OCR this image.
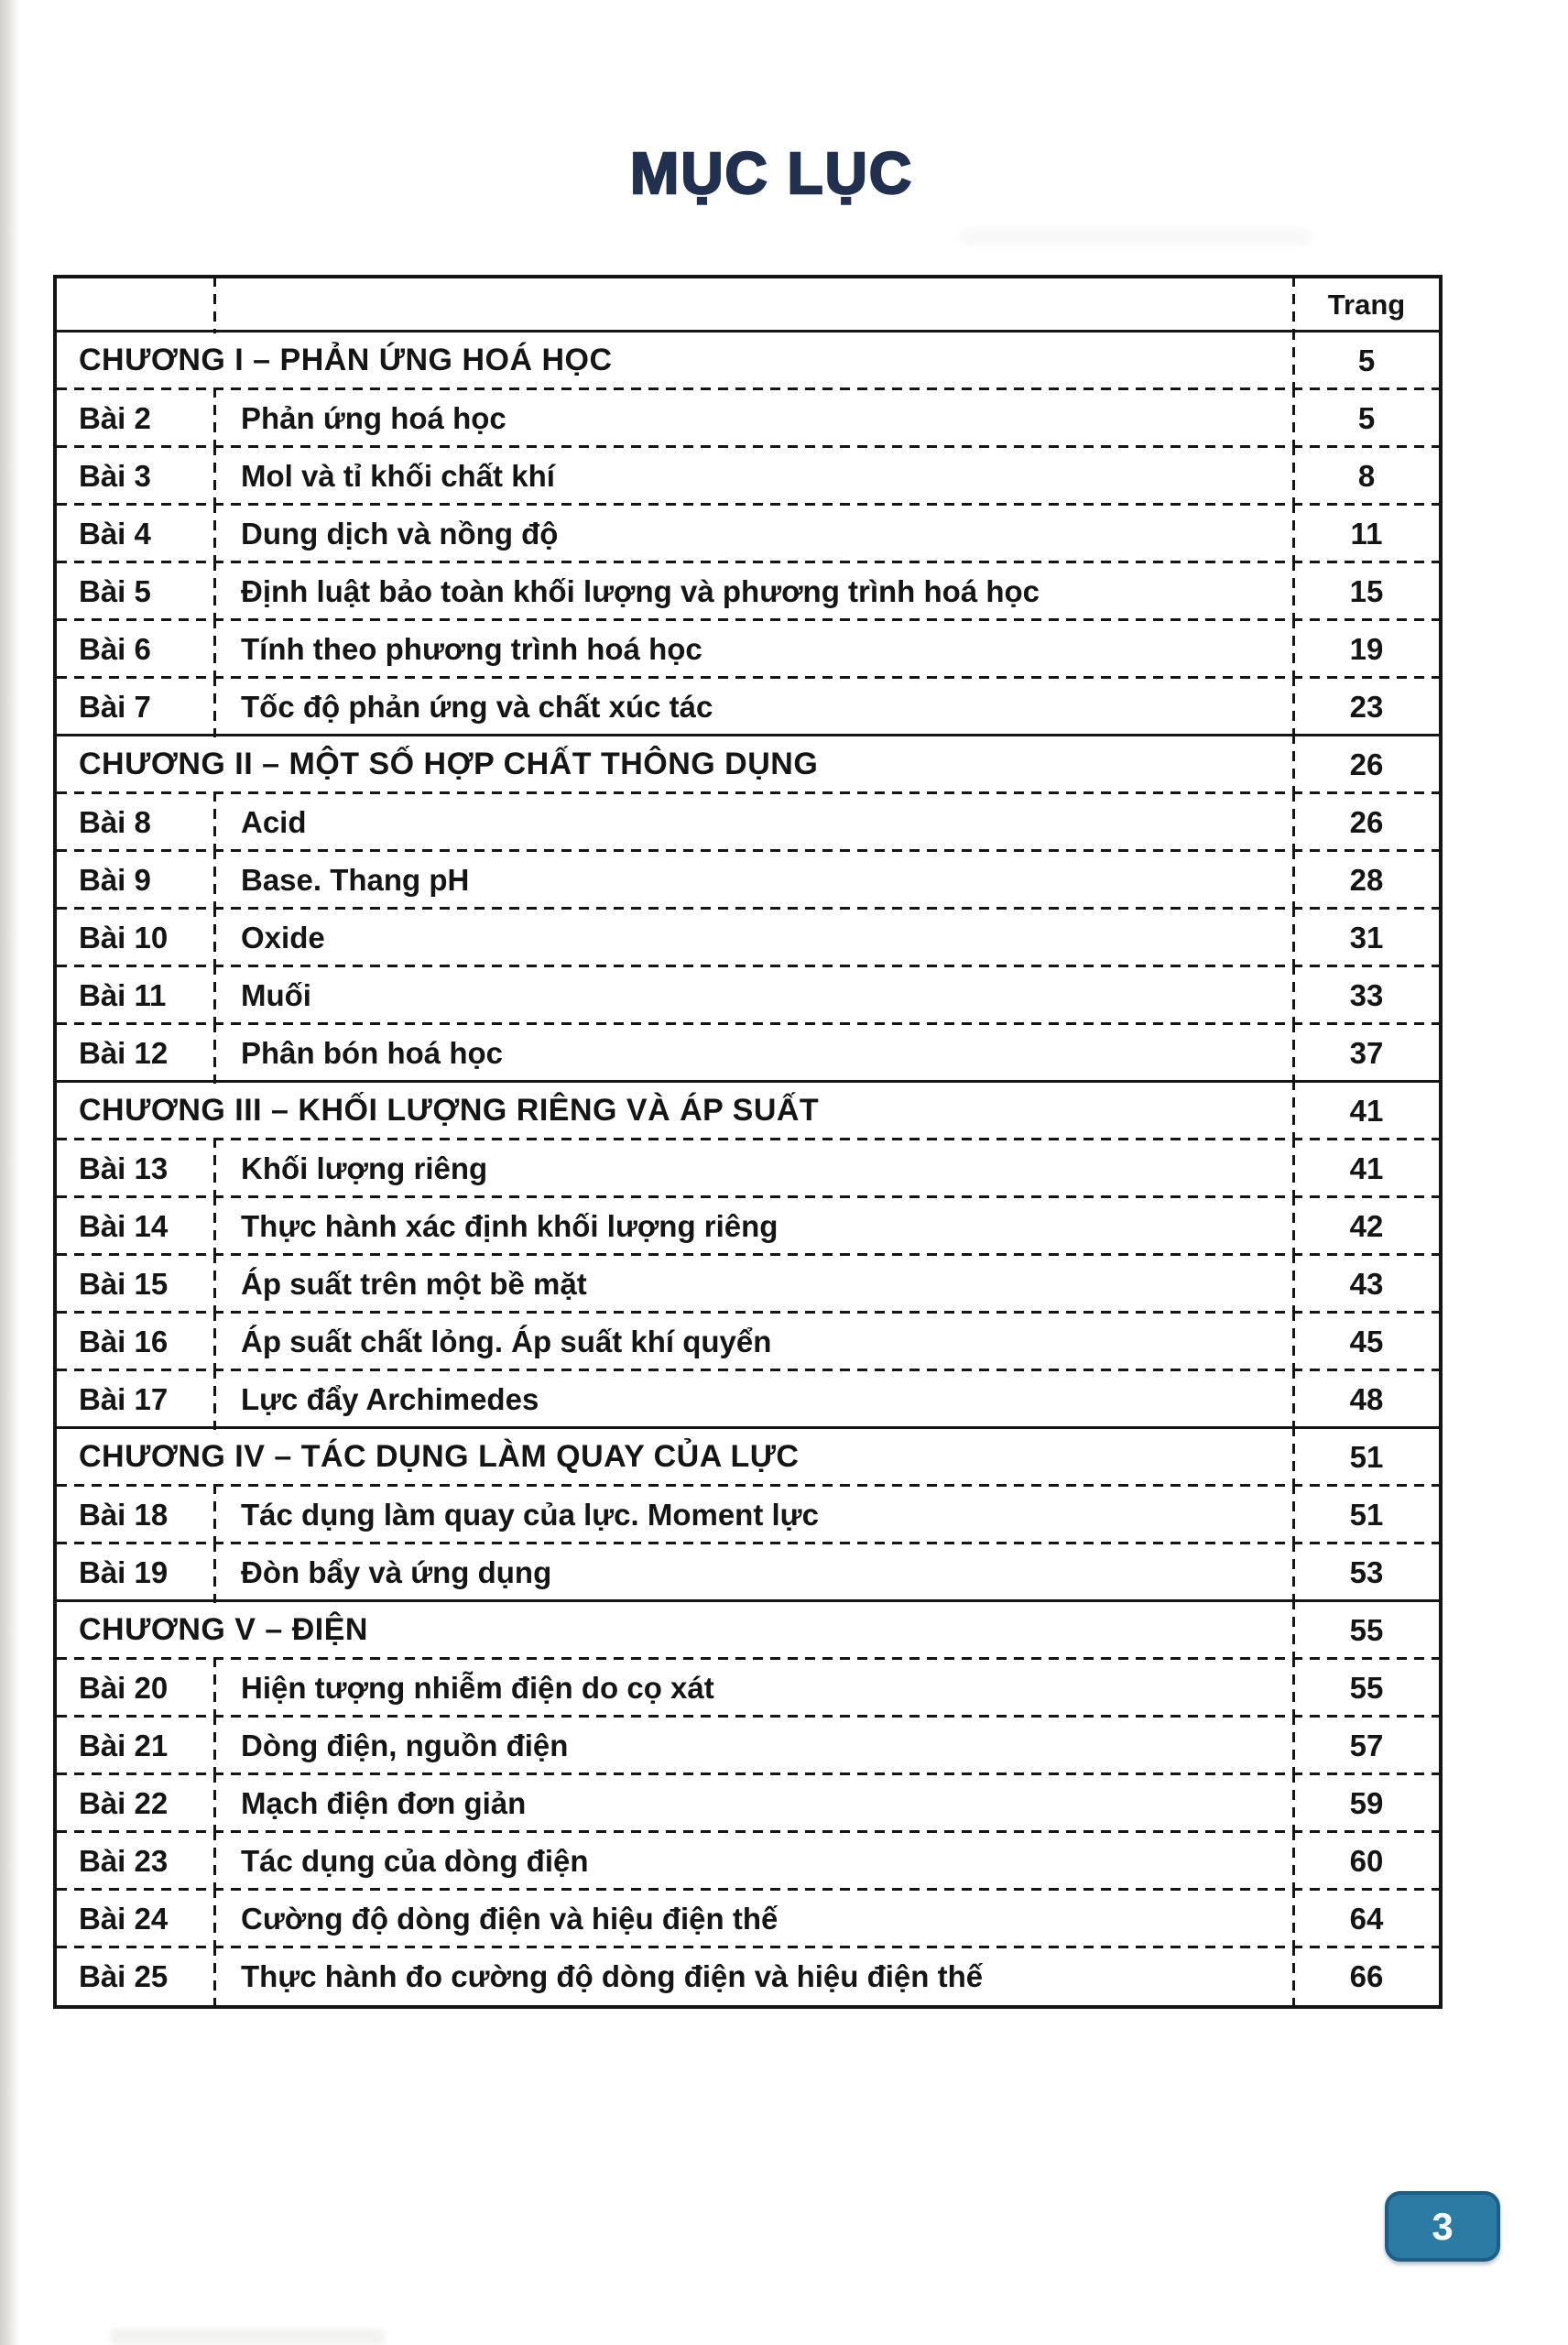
MỤC LỤC
Trang
CHƯƠNG I – PHẢN ỨNG HOÁ HỌC	5
Bài 2	Phản ứng hoá học	5
Bài 3	Mol và tỉ khối chất khí	8
Bài 4	Dung dịch và nồng độ	11
Bài 5	Định luật bảo toàn khối lượng và phương trình hoá học	15
Bài 6	Tính theo phương trình hoá học	19
Bài 7	Tốc độ phản ứng và chất xúc tác	23
CHƯƠNG II – MỘT SỐ HỢP CHẤT THÔNG DỤNG	26
Bài 8	Acid	26
Bài 9	Base. Thang pH	28
Bài 10	Oxide	31
Bài 11	Muối	33
Bài 12	Phân bón hoá học	37
CHƯƠNG III – KHỐI LƯỢNG RIÊNG VÀ ÁP SUẤT	41
Bài 13	Khối lượng riêng	41
Bài 14	Thực hành xác định khối lượng riêng	42
Bài 15	Áp suất trên một bề mặt	43
Bài 16	Áp suất chất lỏng. Áp suất khí quyển	45
Bài 17	Lực đẩy Archimedes	48
CHƯƠNG IV – TÁC DỤNG LÀM QUAY CỦA LỰC	51
Bài 18	Tác dụng làm quay của lực. Moment lực	51
Bài 19	Đòn bẩy và ứng dụng	53
CHƯƠNG V – ĐIỆN	55
Bài 20	Hiện tượng nhiễm điện do cọ xát	55
Bài 21	Dòng điện, nguồn điện	57
Bài 22	Mạch điện đơn giản	59
Bài 23	Tác dụng của dòng điện	60
Bài 24	Cường độ dòng điện và hiệu điện thế	64
Bài 25	Thực hành đo cường độ dòng điện và hiệu điện thế	66
3
